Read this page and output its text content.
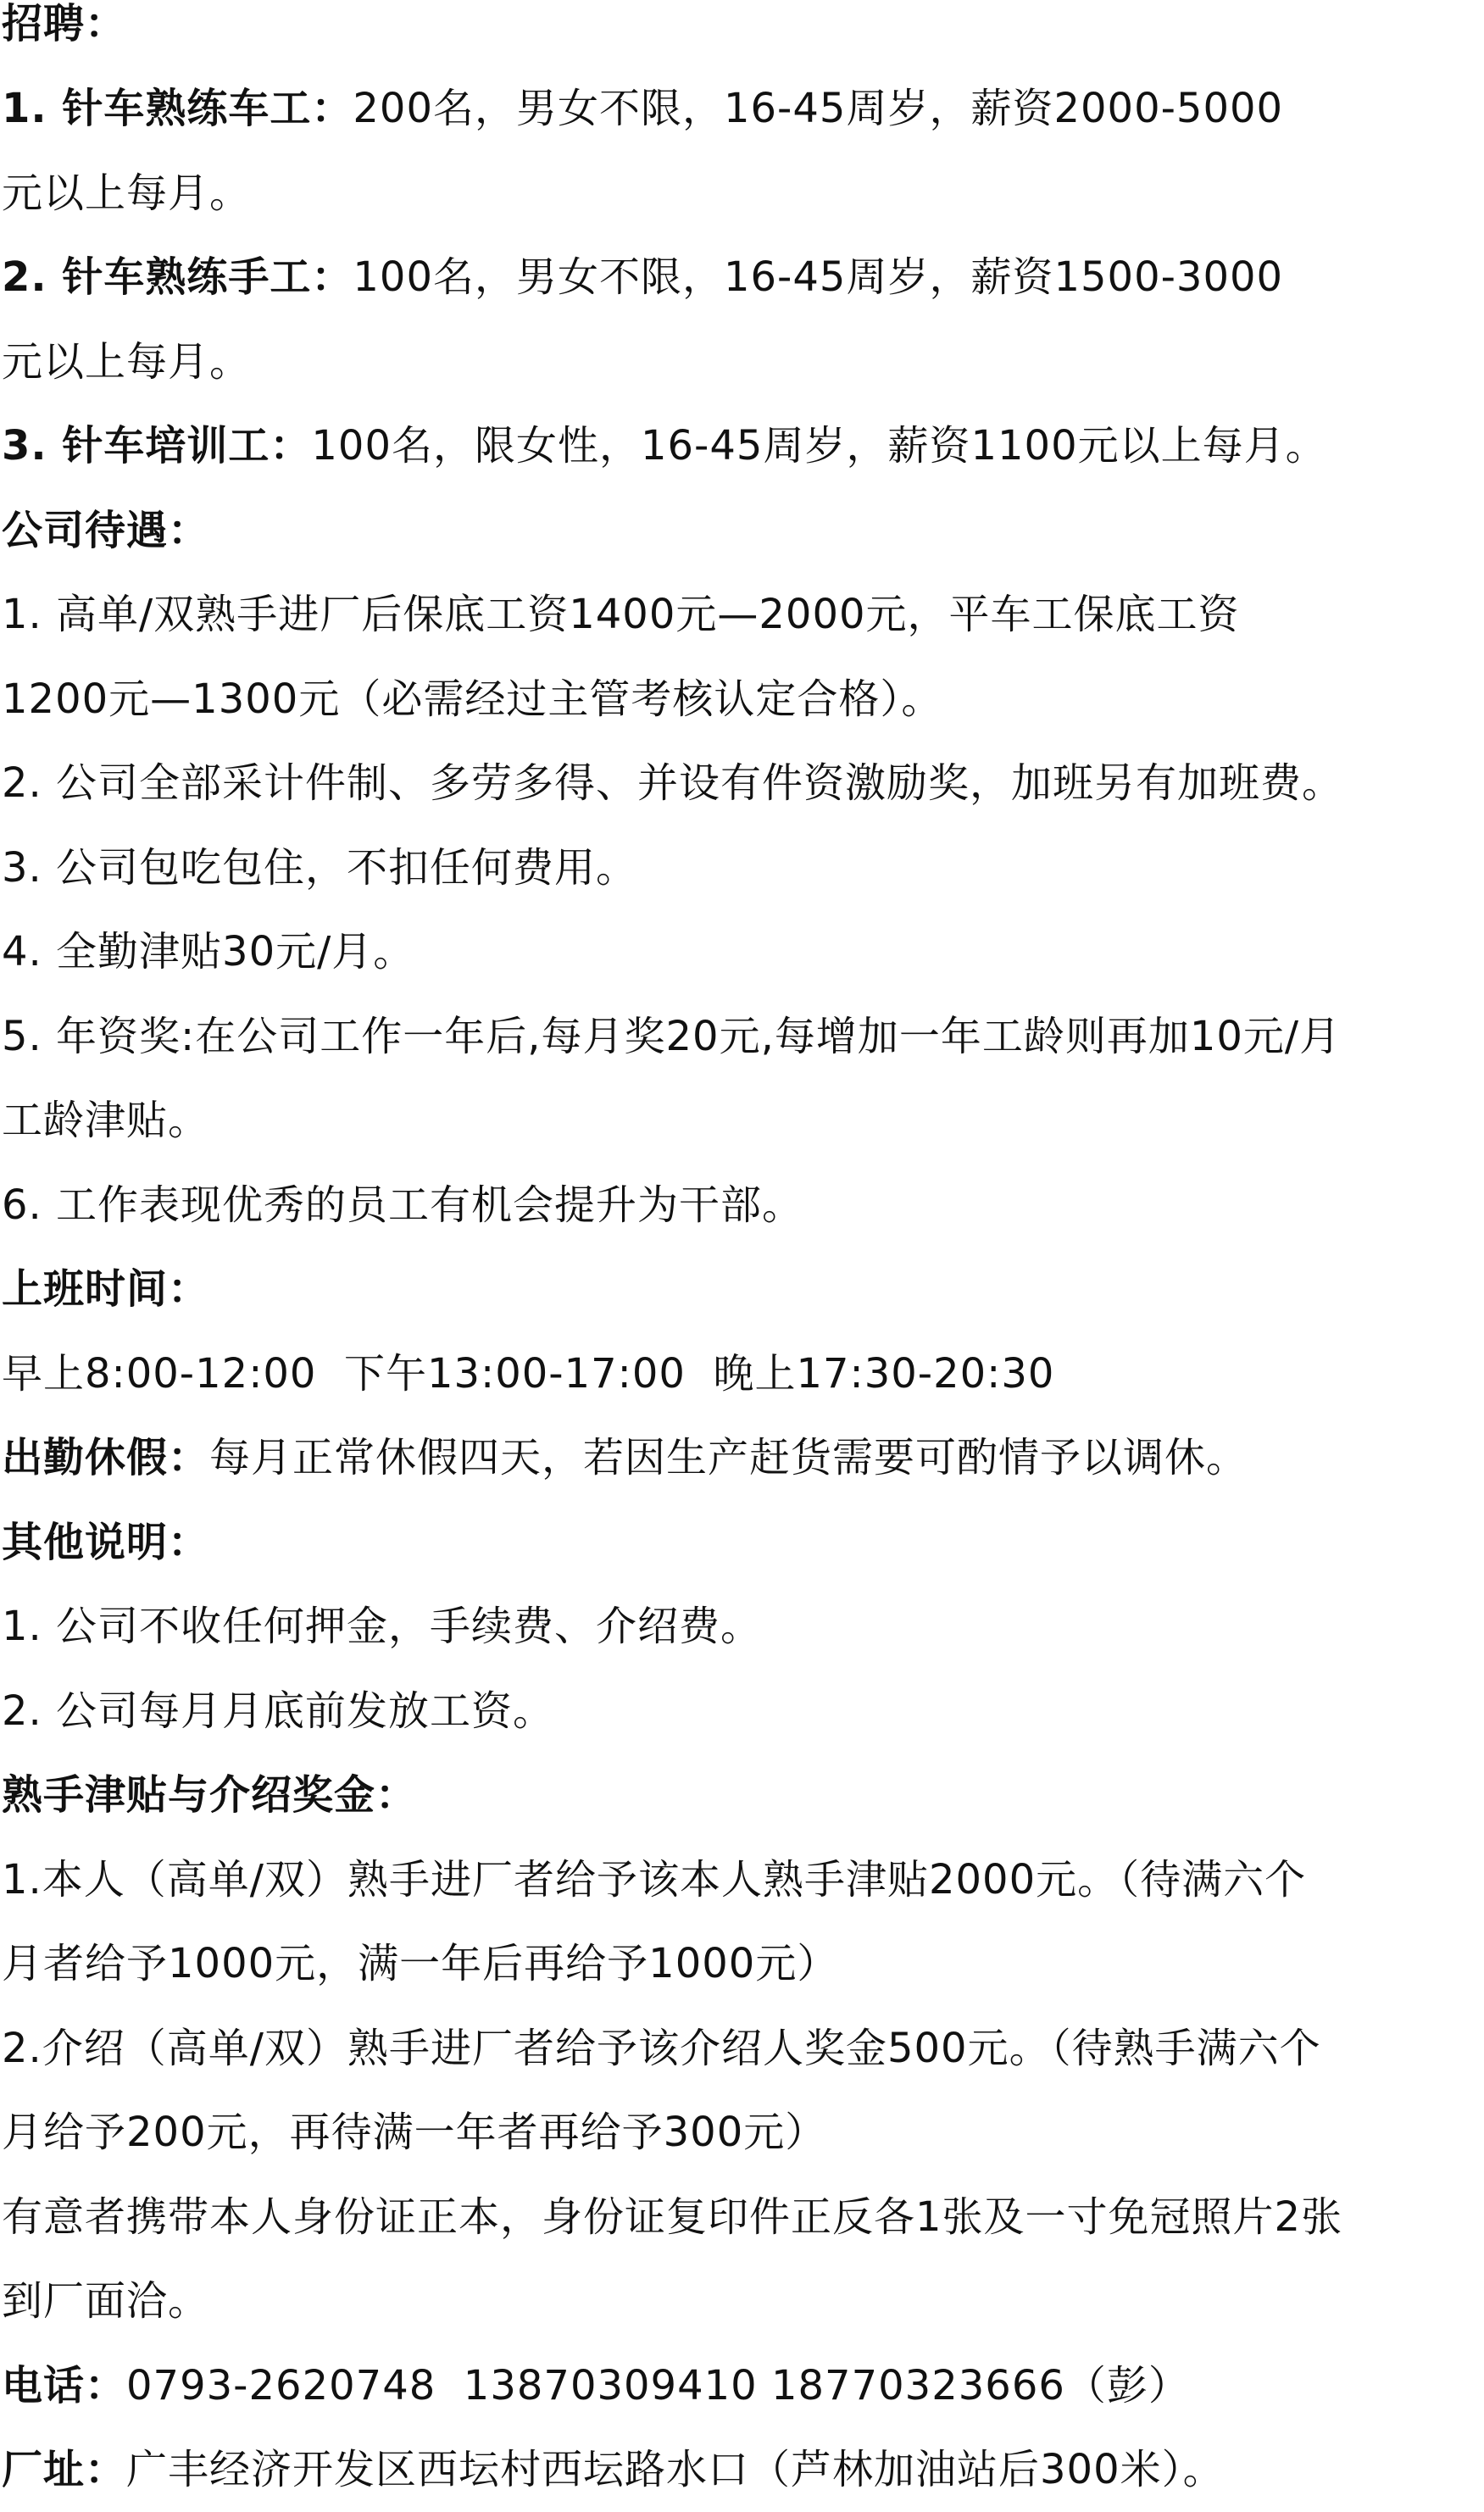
招聘：
1. 针车熟练车工：200名，男女不限，16-45周岁，薪资2000-5000
元以上每月。
2. 针车熟练手工：100名，男女不限，16-45周岁，薪资1500-3000
元以上每月。
3. 针车培训工：100名，限女性，16-45周岁，薪资1100元以上每月。
公司待遇：
1. 高单/双熟手进厂后保底工资1400元—2000元，平车工保底工资
1200元—1300元（必需经过主管考核认定合格）。
2. 公司全部采计件制、多劳多得、并设有件资激励奖，加班另有加班费。
3. 公司包吃包住，不扣任何费用。
4. 全勤津贴30元/月。
5. 年资奖:在公司工作一年后,每月奖20元,每增加一年工龄则再加10元/月
工龄津贴。
6. 工作表现优秀的员工有机会提升为干部。
上班时间：
早上8:00-12:00  下午13:00-17:00  晚上17:30-20:30
出勤休假：每月正常休假四天，若因生产赶货需要可酌情予以调休。
其他说明：
1. 公司不收任何押金，手续费、介绍费。
2. 公司每月月底前发放工资。
熟手津贴与介绍奖金：
1.本人（高单/双）熟手进厂者给予该本人熟手津贴2000元。（待满六个
月者给予1000元，满一年后再给予1000元）
2.介绍（高单/双）熟手进厂者给予该介绍人奖金500元。（待熟手满六个
月给予200元，再待满一年者再给予300元）
有意者携带本人身份证正本，身份证复印件正反各1张及一寸免冠照片2张
到厂面洽。
电话：0793-2620748  13870309410 18770323666（彭）
厂址：广丰经济开发区西坛村西坛路水口（芦林加油站后300米）。
